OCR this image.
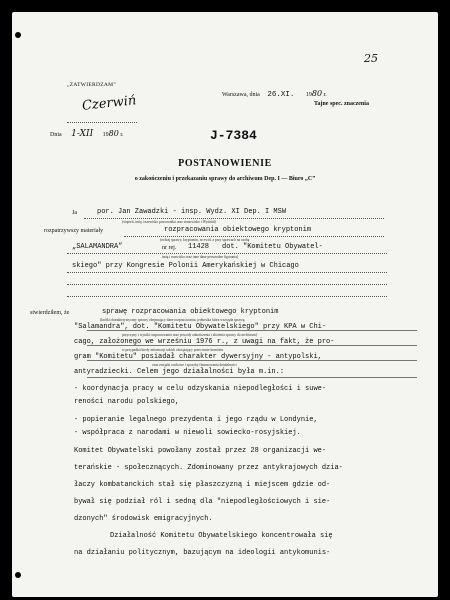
„ZATWIERDZAM”
Czerwiń
Dnia 1-XII 1980 r.
25
Warszawa, dnia 26.XI. 1980 r.
Tajne spec. znaczenia
J-7384
POSTANOWIENIE
o zakończeniu i przekazaniu sprawy do archiwum Dep. I — Biuro „C”
Ja	por. Jan Zawadzki - insp. Wydz. XI Dep. I MSW
(stopień, imię i nazwisko pracownika oraz stanowisko i Wydział)
rozpatrzywszy materiały	rozpracowania obiektowego kryptonim
(rodzaj sprawy, kryptonim, nr ewid. a przy sprawach na osobę
„SALAMANDRA”	nr rej. 11428 dot. "Komitetu Obywatel-
imię i nazwisko oraz inne dane personalne figuranta)
skiego" przy Kongresie Polonii Amerykańskiej w Chicago
stwierdziłem, że	sprawę rozpracowania obiektowego kryptonim
(krótki charakterystyczny sprawy obejmujący dane rozpracowania, jednostka która wszczęła sprawę,
"Salamandra", dot. "Komitetu Obywatelskiego" przy KPA w Chi-
przyczyny i wyniki rozpracowania oraz powody zakończenia i złożenia sprawy do archiwum)
cago, założonego we wrześniu 1976 r., z uwagi na fakt, że pro-
w przypadku kiedy informacji takich obciążający przeciwnie komitetu
gram "Komitetu" posiadał charakter dywersyjny - antypolski,
oraz związki osobowe i sposoby finansowania działalności
antyradziecki. Celem jego działalności była m.in.:
- koordynacja pracy w celu odzyskania niepodległości i suwe-
reności narodu polskiego,
- popieranie legalnego prezydenta i jego rządu w Londynie,
- współpraca z narodami w niewoli sowiecko-rosyjskiej.
Komitet Obywatelski powołany został przez 28 organizacji we-
terańskie - społecznących. Zdominowany przez antykrajowych dzia-
łaczy kombatanckich stał się płaszczyzną i miejscem gdzie od-
bywał się podział ról i sedną dla "niepodległościowych i sie-
dzonych" środowisk emigracyjnych.
Działalność Komitetu Obywatelskiego koncentrowała się
na działaniu politycznym, bazującym na ideologii antykomunis-
